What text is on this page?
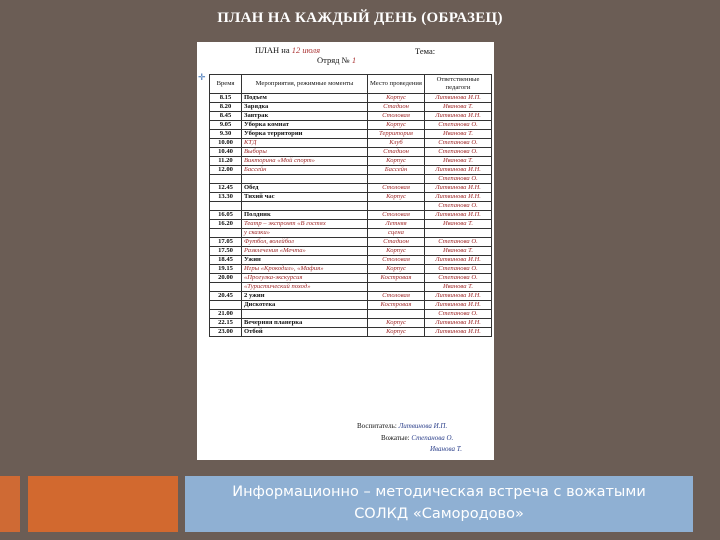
ПЛАН НА КАЖДЫЙ ДЕНЬ (ОБРАЗЕЦ)
ПЛАН на 12 июля
Отряд № 1
Тема:
✛
Время	Мероприятия, режимные моменты	Место проведения	Ответственные педагоги
8.15	Подъем	Корпус	Литвинова И.П.
8.20	Зарядка	Стадион	Иванова Т.
8.45	Завтрак	Столовая	Литвинова И.Н.
9.05	Уборка комнат	Корпус	Степанова О.
9.30	Уборка территории	Территория	Иванова Т.
10.00	КТД	Клуб	Степанова О.
10.40	Выборы	Стадион	Степанова О.
11.20	Викторина «Мой спорт»	Корпус	Иванова Т.
12.00	Бассейн	Бассейн	Литвинова И.Н.
			Степанова О.
12.45	Обед	Столовая	Литвинова И.Н.
13.30	Тихий час	Корпус	Литвинова И.Н.
			Степанова О.
16.05	Полдник	Столовая	Литвинова И.П.
16.20	Театр – экспромт «В гостях	Летняя	Иванова Т.
	у сказки»	сцена	
17.05	Футбол, волейбол	Стадион	Степанова О.
17.50	Развлечения «Мечта»	Корпус	Иванова Т.
18.45	Ужин	Столовая	Литвинова И.Н.
19.15	Игры «Крокодил», «Мафия»	Корпус	Степанова О.
20.00	«Прогулка-экскурсия	Костровая	Степанова О.
	«Туристический поход»		Иванова Т.
20.45	2 ужин	Столовая	Литвинова И.Н.
	Дискотека	Костровая	Литвинова И.Н.
21.00			Степанова О.
22.15	Вечерняя планерка	Корпус	Литвинова И.Н.
23.00	Отбой	Корпус	Литвинова И.Н.
Воспитатель: Литвинова И.П.
Вожатые: Степанова О.
Иванова Т.
Информационно – методическая встреча с вожатыми
СОЛКД «Самородово»
